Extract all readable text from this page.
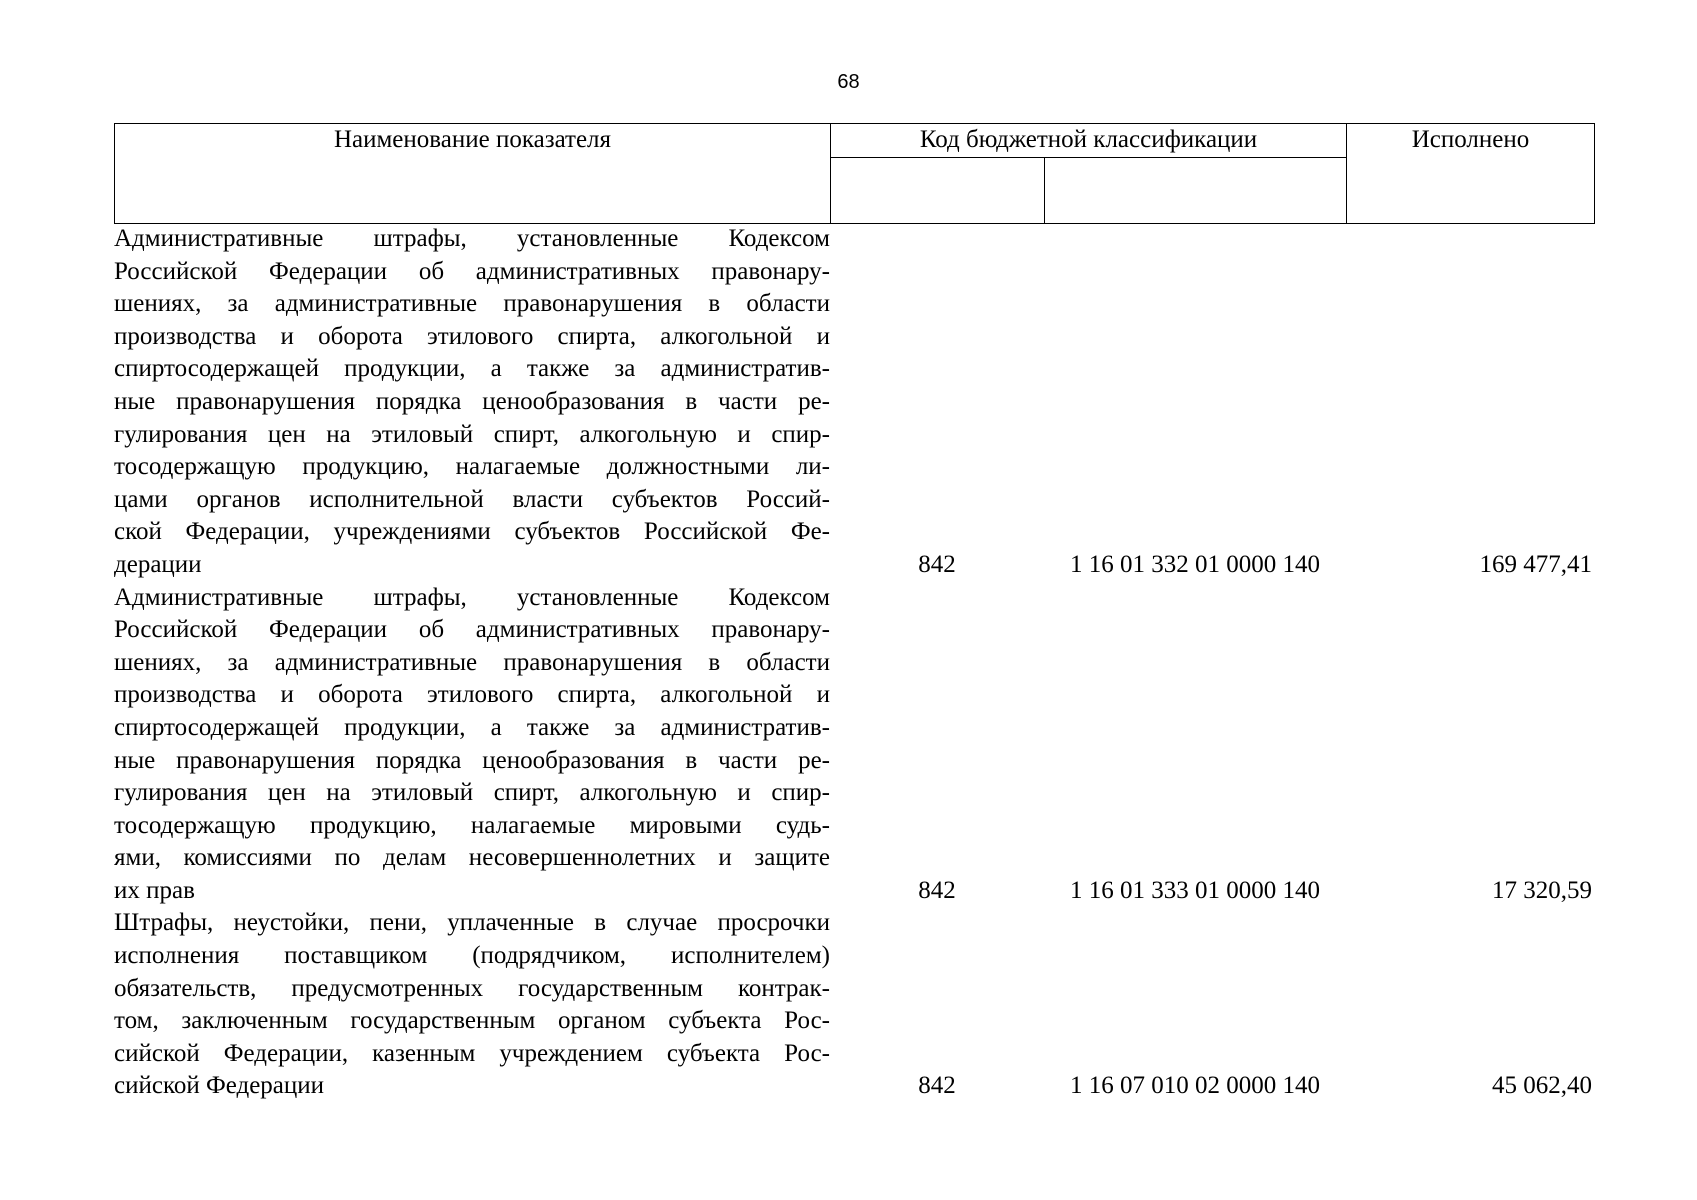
68
Наименование показателя	Код бюджетной классификации		Исполнено

Административные штрафы, установленные Кодексом
Российской Федерации об административных правонару-
шениях, за административные правонарушения в области
производства и оборота этилового спирта, алкогольной и
спиртосодержащей продукции, а также за административ-
ные правонарушения порядка ценообразования в части ре-
гулирования цен на этиловый спирт, алкогольную и спир-
тосодержащую продукцию, налагаемые должностными ли-
цами органов исполнительной власти субъектов Россий-
ской Федерации, учреждениями субъектов Российской Фе-
дерации	842	1 16 01 332 01 0000 140	169 477,41
Административные штрафы, установленные Кодексом
Российской Федерации об административных правонару-
шениях, за административные правонарушения в области
производства и оборота этилового спирта, алкогольной и
спиртосодержащей продукции, а также за административ-
ные правонарушения порядка ценообразования в части ре-
гулирования цен на этиловый спирт, алкогольную и спир-
тосодержащую продукцию, налагаемые мировыми судь-
ями, комиссиями по делам несовершеннолетних и защите
их прав	842	1 16 01 333 01 0000 140	17 320,59
Штрафы, неустойки, пени, уплаченные в случае просрочки
исполнения поставщиком (подрядчиком, исполнителем)
обязательств, предусмотренных государственным контрак-
том, заключенным государственным органом субъекта Рос-
сийской Федерации, казенным учреждением субъекта Рос-
сийской Федерации	842	1 16 07 010 02 0000 140	45 062,40
